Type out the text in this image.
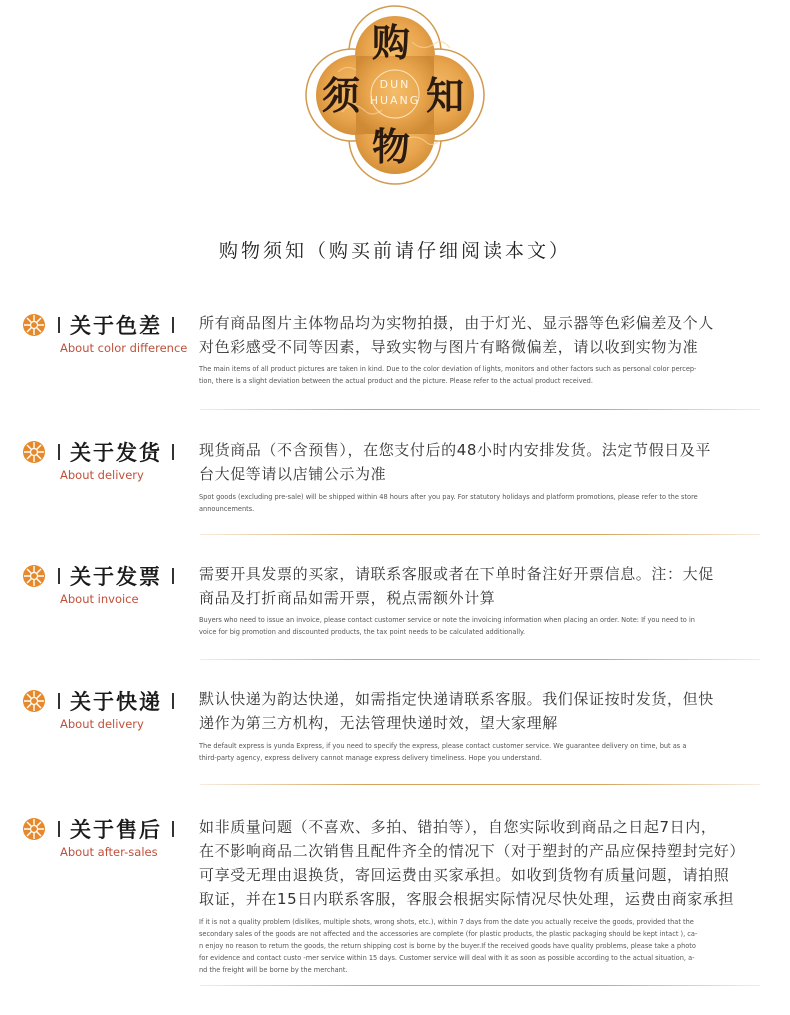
购
须 知
物
DUN
HUANG
购物须知（购买前请仔细阅读本文）
关于色差
About color difference
所有商品图片主体物品均为实物拍摄，由于灯光、显示器等色彩偏差及个人
对色彩感受不同等因素，导致实物与图片有略微偏差，请以收到实物为准
The main items of all product pictures are taken in kind. Due to the color deviation of lights, monitors and other factors such as personal color percep-
tion, there is a slight deviation between the actual product and the picture. Please refer to the actual product received.
关于发货
About delivery
现货商品（不含预售），在您支付后的48小时内安排发货。法定节假日及平
台大促等请以店铺公示为准
Spot goods (excluding pre-sale) will be shipped within 48 hours after you pay. For statutory holidays and platform promotions, please refer to the store
announcements.
关于发票
About invoice
需要开具发票的买家，请联系客服或者在下单时备注好开票信息。注：大促
商品及打折商品如需开票，税点需额外计算
Buyers who need to issue an invoice, please contact customer service or note the invoicing information when placing an order. Note: If you need to in
voice for big promotion and discounted products, the tax point needs to be calculated additionally.
关于快递
About delivery
默认快递为韵达快递，如需指定快递请联系客服。我们保证按时发货，但快
递作为第三方机构，无法管理快递时效，望大家理解
The default express is yunda Express, if you need to specify the express, please contact customer service. We guarantee delivery on time, but as a
third-party agency, express delivery cannot manage express delivery timeliness. Hope you understand.
关于售后
About after-sales
如非质量问题（不喜欢、多拍、错拍等），自您实际收到商品之日起7日内，
在不影响商品二次销售且配件齐全的情况下（对于塑封的产品应保持塑封完好）
可享受无理由退换货，寄回运费由买家承担。如收到货物有质量问题，请拍照
取证，并在15日内联系客服，客服会根据实际情况尽快处理，运费由商家承担
If it is not a quality problem (dislikes, multiple shots, wrong shots, etc.), within 7 days from the date you actually receive the goods, provided that the
secondary sales of the goods are not affected and the accessories are complete (for plastic products, the plastic packaging should be kept intact ), ca-
n enjoy no reason to return the goods, the return shipping cost is borne by the buyer.If the received goods have quality problems, please take a photo
for evidence and contact custo -mer service within 15 days. Customer service will deal with it as soon as possible according to the actual situation, a-
nd the freight will be borne by the merchant.
